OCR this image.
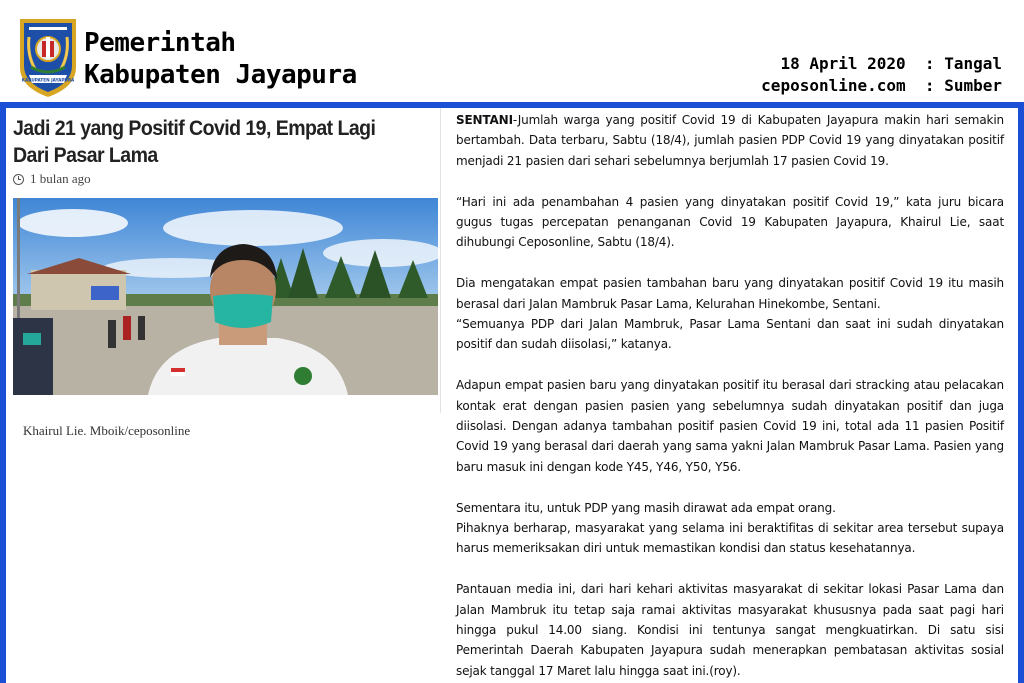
KABUPATEN JAYAPURA
Pemerintah
Kabupaten Jayapura	18 April 2020  : Tangal
ceposonline.com  : Sumber
Jadi 21 yang Positif Covid 19, Empat Lagi Dari Pasar Lama
1 bulan ago
Khairul Lie. Mboik/ceposonline

SENTANI-Jumlah warga yang positif Covid 19 di Kabupaten Jayapura makin hari semakin bertambah. Data terbaru, Sabtu (18/4), jumlah pasien PDP Covid 19 yang dinyatakan positif menjadi 21 pasien dari sehari sebelumnya berjumlah 17 pasien Covid 19.

“Hari ini ada penambahan 4 pasien yang dinyatakan positif Covid 19,” kata juru bicara gugus tugas percepatan penanganan Covid 19 Kabupaten Jayapura, Khairul Lie, saat dihubungi Ceposonline, Sabtu (18/4).

Dia mengatakan empat pasien tambahan baru yang dinyatakan positif Covid 19 itu masih berasal dari Jalan Mambruk Pasar Lama, Kelurahan Hinekombe, Sentani.

“Semuanya PDP dari Jalan Mambruk, Pasar Lama Sentani dan saat ini sudah dinyatakan positif dan sudah diisolasi,” katanya.

Adapun empat pasien baru yang dinyatakan positif itu berasal dari stracking atau pelacakan kontak erat dengan pasien pasien yang sebelumnya sudah dinyatakan positif dan juga diisolasi. Dengan adanya tambahan positif pasien Covid 19 ini, total ada 11 pasien Positif Covid 19 yang berasal dari daerah yang sama yakni Jalan Mambruk Pasar Lama. Pasien yang baru masuk ini dengan kode Y45, Y46, Y50, Y56.

Sementara itu, untuk PDP yang masih dirawat ada empat orang.

Pihaknya berharap, masyarakat yang selama ini beraktifitas di sekitar area tersebut supaya harus memeriksakan diri untuk memastikan kondisi dan status kesehatannya.

Pantauan media ini, dari hari kehari aktivitas masyarakat di sekitar lokasi Pasar Lama dan Jalan Mambruk itu tetap saja ramai aktivitas masyarakat khususnya pada saat pagi hari hingga pukul 14.00 siang. Kondisi ini tentunya sangat mengkuatirkan. Di satu sisi Pemerintah Daerah Kabupaten Jayapura sudah menerapkan pembatasan aktivitas sosial sejak tanggal 17 Maret lalu hingga saat ini.(roy).
